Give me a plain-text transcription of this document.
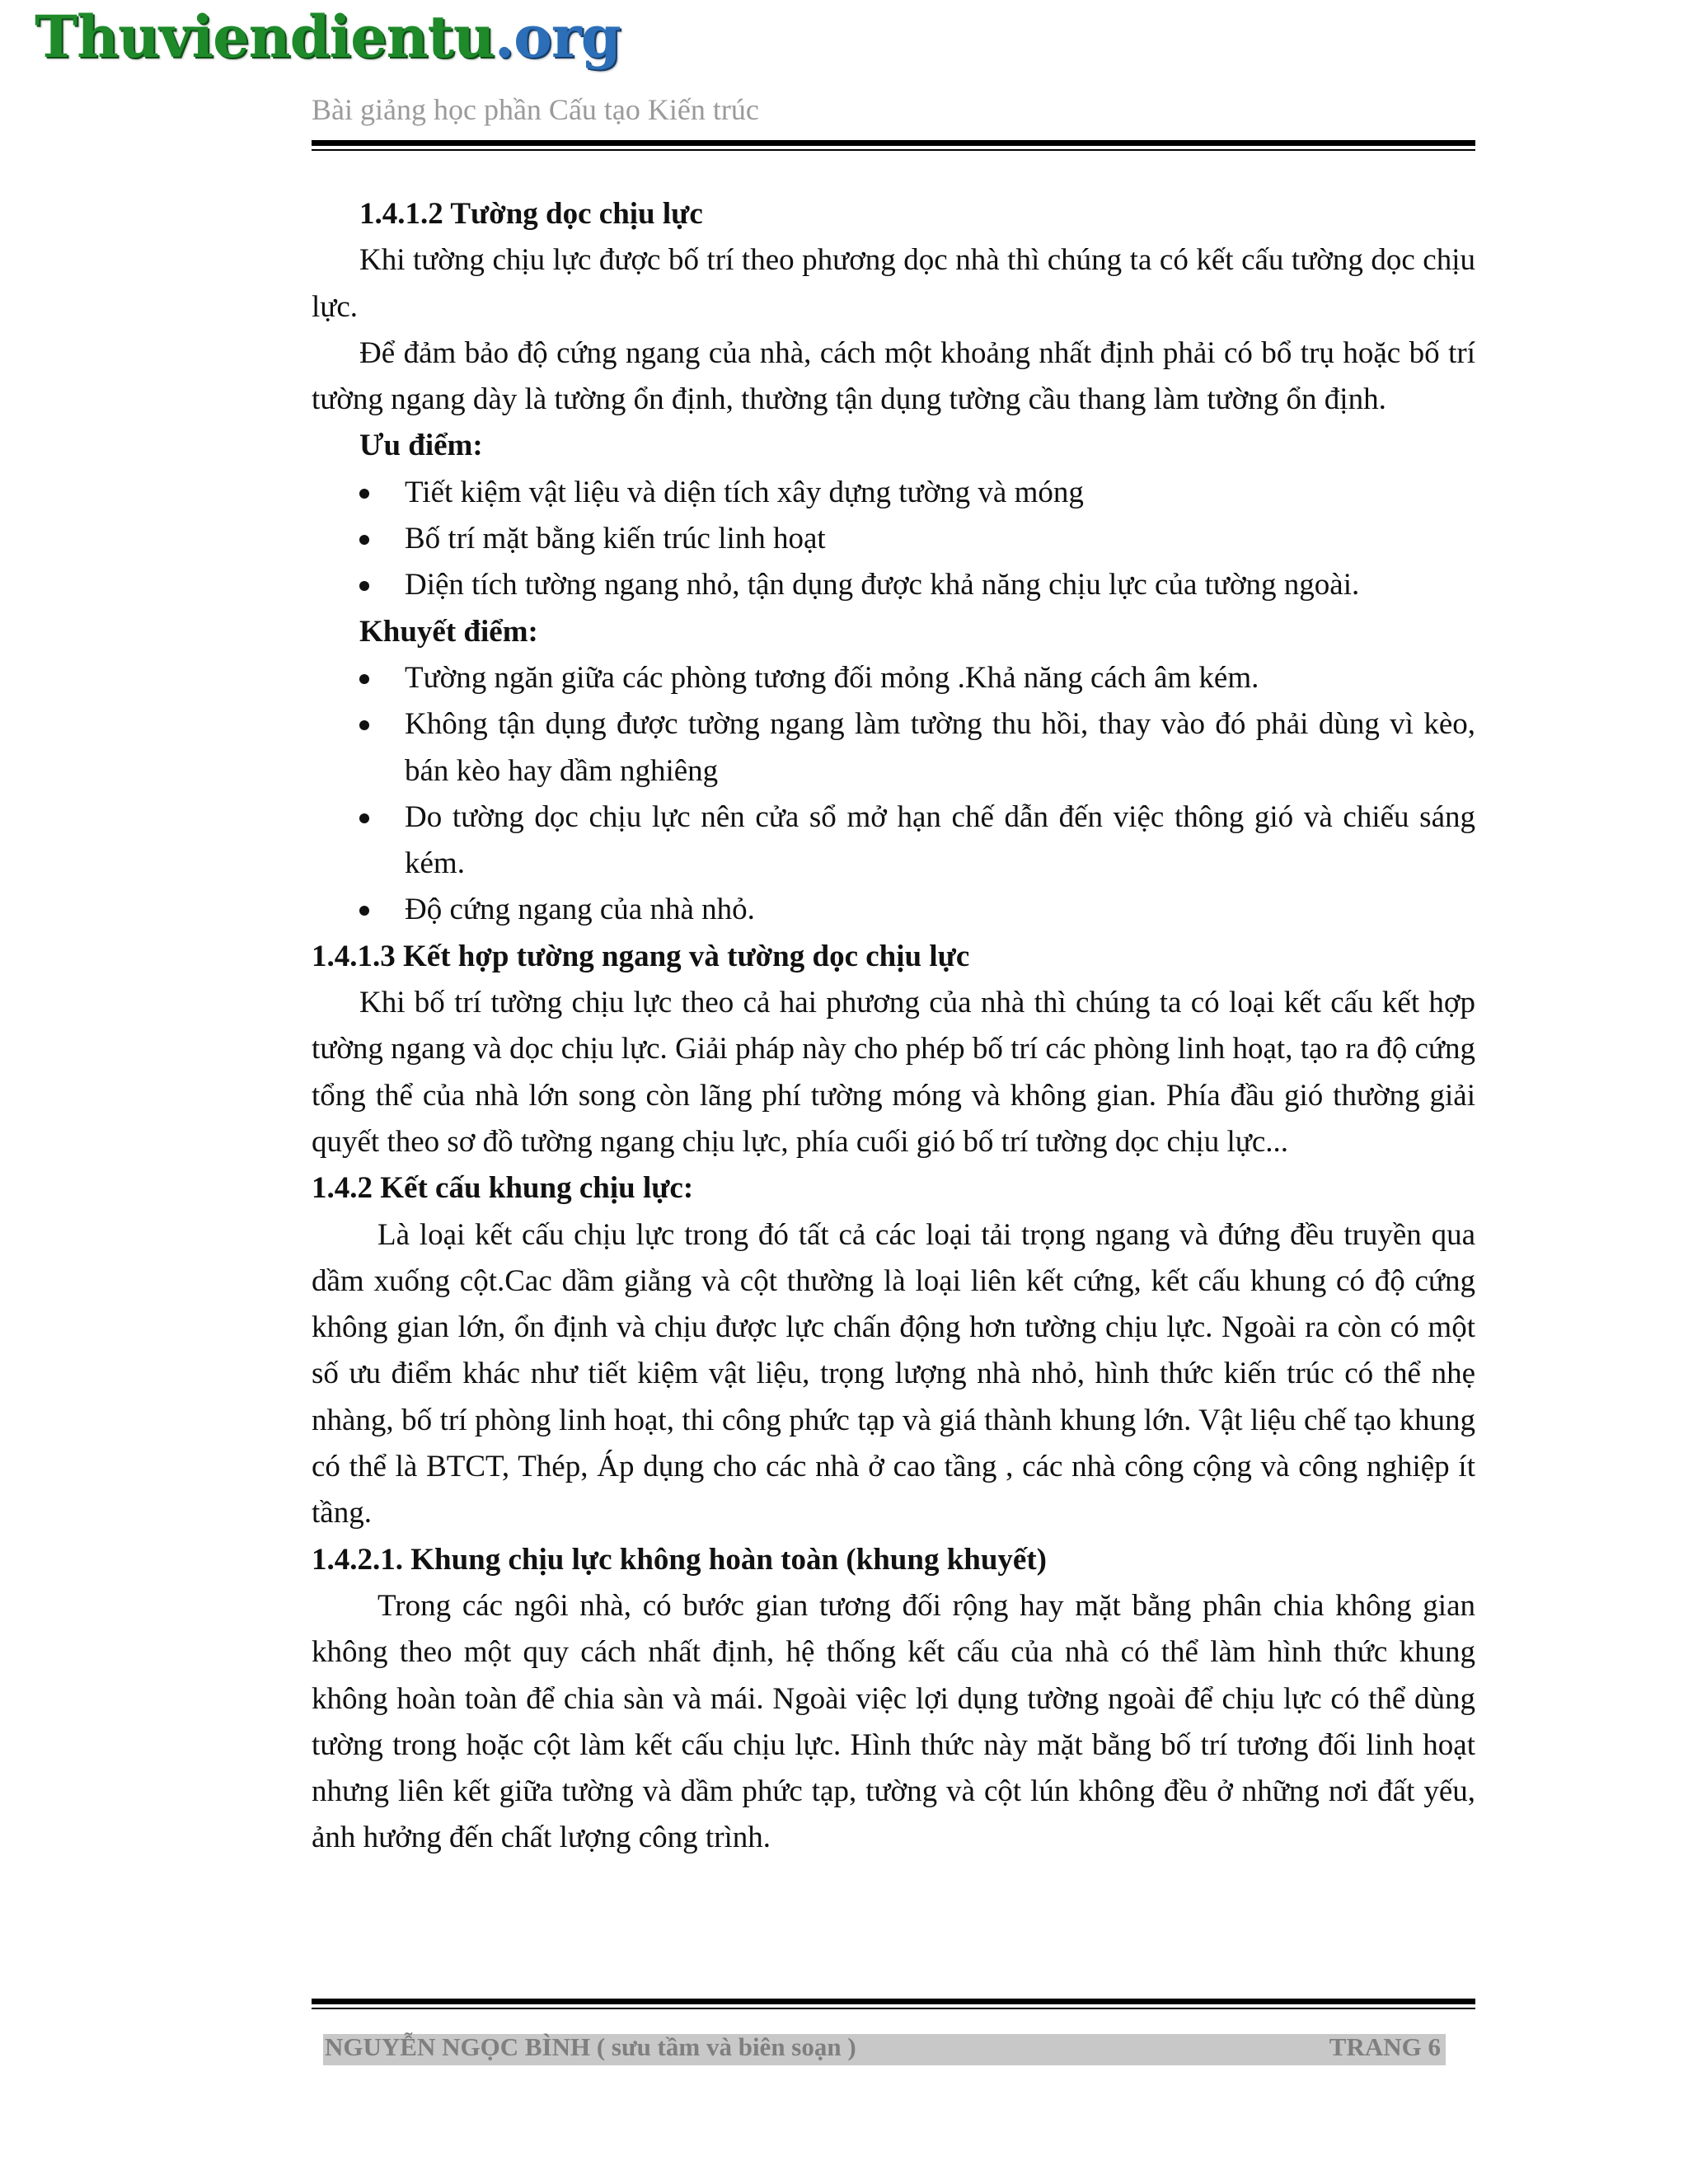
Thuviendientu.org
Bài giảng học phần Cấu tạo Kiến trúc
1.4.1.2 Tường dọc chịu lực

Khi tường chịu lực được bố trí theo phương dọc nhà thì chúng ta có kết cấu tường dọc chịu lực.

Để đảm bảo độ cứng ngang của nhà, cách một khoảng nhất định phải có bổ trụ hoặc bố trí tường ngang dày là tường ổn định, thường tận dụng tường cầu thang làm tường ổn định.

Ưu điểm:

Tiết kiệm vật liệu và diện tích xây dựng tường và móng
Bố trí mặt bằng kiến trúc linh hoạt
Diện tích tường ngang nhỏ, tận dụng được khả năng chịu lực của tường ngoài.

Khuyết điểm:

Tường ngăn giữa các phòng tương đối mỏng .Khả năng cách âm kém.
Không tận dụng được tường ngang làm tường thu hồi, thay vào đó phải dùng vì kèo, bán kèo hay dầm nghiêng
Do tường dọc chịu lực nên cửa sổ mở hạn chế dẫn đến việc thông gió và chiếu sáng kém.
Độ cứng ngang của nhà nhỏ.
1.4.1.3 Kết hợp tường ngang và tường dọc chịu lực

Khi bố trí tường chịu lực theo cả hai phương của nhà thì chúng ta có loại kết cấu kết hợp tường ngang và dọc chịu lực. Giải pháp này cho phép bố trí các phòng linh hoạt, tạo ra độ cứng tổng thể của nhà lớn song còn lãng phí tường móng và không gian. Phía đầu gió thường giải quyết theo sơ đồ tường ngang chịu lực, phía cuối gió bố trí tường dọc chịu lực...

1.4.2 Kết cấu khung chịu lực:

Là loại kết cấu chịu lực trong đó tất cả các loại tải trọng ngang và đứng đều truyền qua dầm xuống cột.Cac dầm giằng và cột thường là loại liên kết cứng, kết cấu khung có độ cứng không gian lớn, ổn định và chịu được lực chấn động hơn tường chịu lực. Ngoài ra còn có một số ưu điểm khác như tiết kiệm vật liệu, trọng lượng nhà nhỏ, hình thức kiến trúc có thể nhẹ nhàng, bố trí phòng linh hoạt, thi công phức tạp và giá thành khung lớn. Vật liệu chế tạo khung có thể là BTCT, Thép, Áp dụng cho các nhà ở cao tầng , các nhà công cộng và công nghiệp ít tầng.

1.4.2.1. Khung chịu lực không hoàn toàn (khung khuyết)

Trong các ngôi nhà, có bước gian tương đối rộng hay mặt bằng phân chia không gian không theo một quy cách nhất định, hệ thống kết cấu của nhà có thể làm hình thức khung không hoàn toàn để chia sàn và mái. Ngoài việc lợi dụng tường ngoài để chịu lực có thể dùng tường trong hoặc cột làm kết cấu chịu lực. Hình thức này mặt bằng bố trí tương đối linh hoạt nhưng liên kết giữa tường và dầm phức tạp, tường và cột lún không đều ở những nơi đất yếu, ảnh hưởng đến chất lượng công trình.

NGUYỄN NGỌC BÌNH ( sưu tầm và biên soạn )	TRANG 6
